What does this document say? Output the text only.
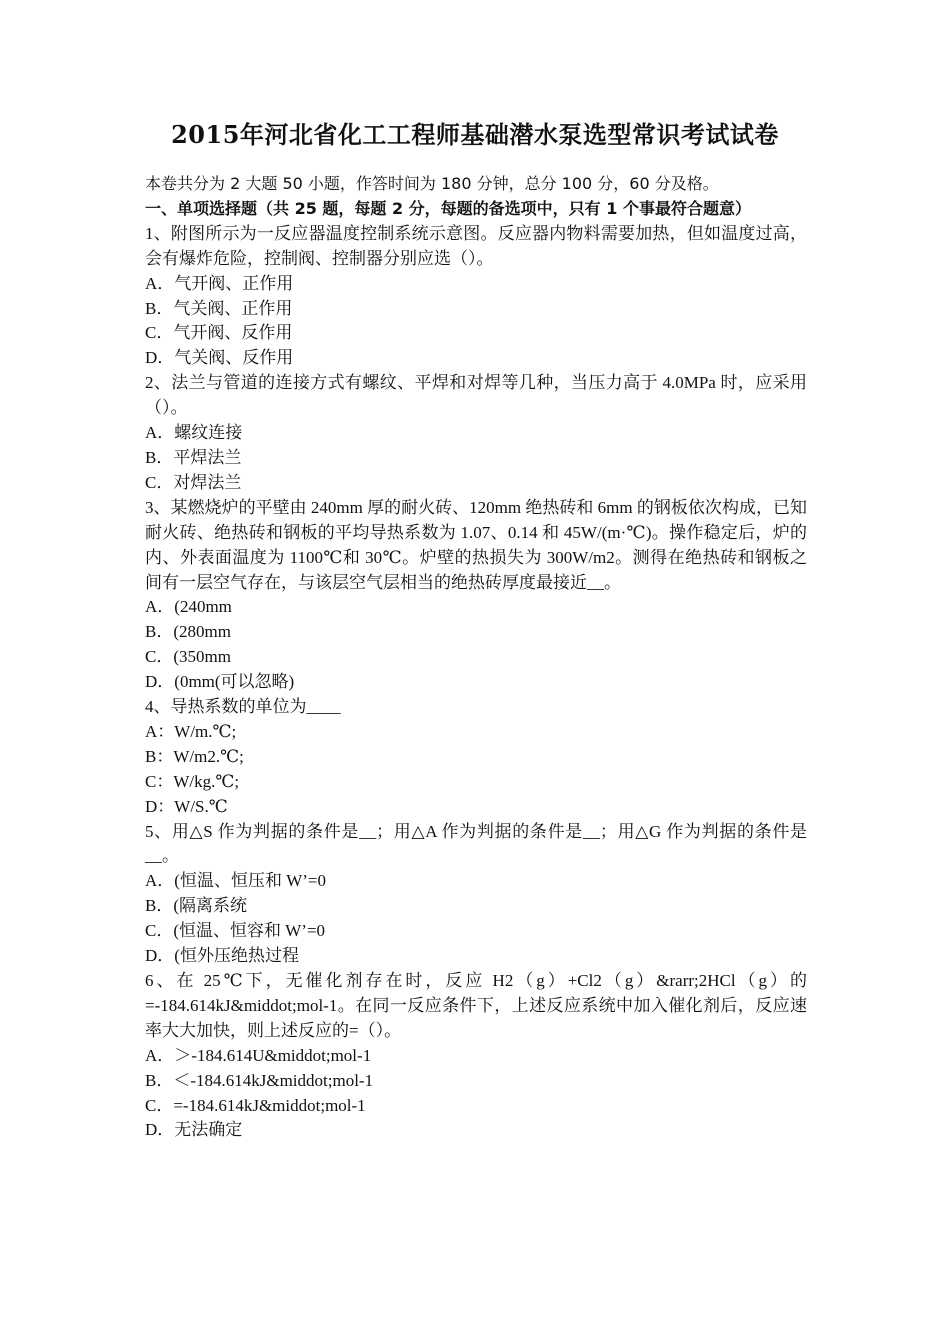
2015年河北省化工工程师基础潜水泵选型常识考试试卷

本卷共分为 2 大题 50 小题，作答时间为 180 分钟，总分 100 分，60 分及格。

一、单项选择题（共 25 题，每题 2 分，每题的备选项中，只有 1 个事最符合题意）

1、附图所示为一反应器温度控制系统示意图。反应器内物料需要加热，但如温度过高，会有爆炸危险，控制阀、控制器分别应选（）。

A．气开阀、正作用

B．气关阀、正作用

C．气开阀、反作用

D．气关阀、反作用

2、法兰与管道的连接方式有螺纹、平焊和对焊等几种，当压力高于 4.0MPa 时，应采用（）。

A．螺纹连接

B．平焊法兰

C．对焊法兰

3、某燃烧炉的平壁由 240mm 厚的耐火砖、120mm 绝热砖和 6mm 的钢板依次构成，已知耐火砖、绝热砖和钢板的平均导热系数为 1.07、0.14 和 45W/(m·℃)。操作稳定后，炉的内、外表面温度为 1100℃和 30℃。炉壁的热损失为 300W/m2。测得在绝热砖和钢板之间有一层空气存在，与该层空气层相当的绝热砖厚度最接近__。

A．(240mm

B．(280mm

C．(350mm

D．(0mm(可以忽略)

4、导热系数的单位为____

A：W/m.℃;

B：W/m2.℃;

C：W/kg.℃;

D：W/S.℃

5、用△S 作为判据的条件是__；用△A 作为判据的条件是__；用△G 作为判据的条件是__。

A．(恒温、恒压和 W’=0

B．(隔离系统

C．(恒温、恒容和 W’=0

D．(恒外压绝热过程

6、在 25℃下，无催化剂存在时，反应 H2（g）+Cl2（g）&rarr;2HCl（g）的=-184.614kJ&middot;mol-1。在同一反应条件下，上述反应系统中加入催化剂后，反应速率大大加快，则上述反应的=（）。

A．＞-184.614U&middot;mol-1

B．＜-184.614kJ&middot;mol-1

C．=-184.614kJ&middot;mol-1

D．无法确定
